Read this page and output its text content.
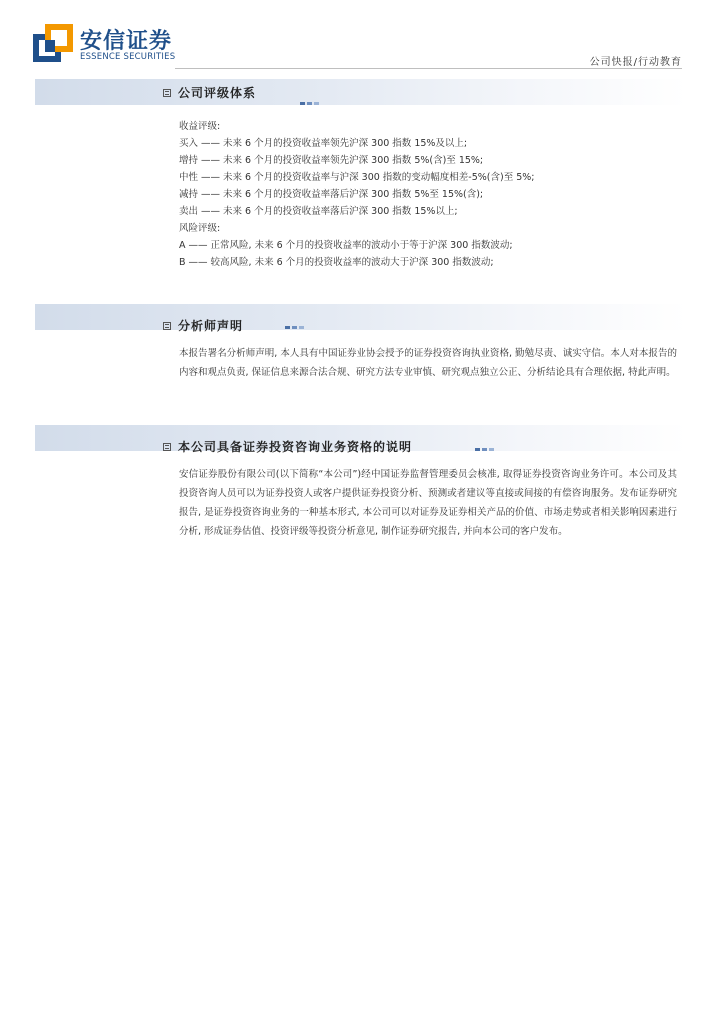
安信证券
ESSENCE SECURITIES	公司快报/行动教育
公司评级体系

收益评级:

买入 —— 未来 6 个月的投资收益率领先沪深 300 指数 15%及以上;

增持 —— 未来 6 个月的投资收益率领先沪深 300 指数 5%(含)至 15%;

中性 —— 未来 6 个月的投资收益率与沪深 300 指数的变动幅度相差-5%(含)至 5%;

减持 —— 未来 6 个月的投资收益率落后沪深 300 指数 5%至 15%(含);

卖出 —— 未来 6 个月的投资收益率落后沪深 300 指数 15%以上;

风险评级:

A —— 正常风险, 未来 6 个月的投资收益率的波动小于等于沪深 300 指数波动;

B —— 较高风险, 未来 6 个月的投资收益率的波动大于沪深 300 指数波动;

分析师声明

本报告署名分析师声明, 本人具有中国证券业协会授予的证券投资咨询执业资格, 勤勉尽责、诚实守信。本人对本报告的内容和观点负责, 保证信息来源合法合规、研究方法专业审慎、研究观点独立公正、分析结论具有合理依据, 特此声明。

本公司具备证券投资咨询业务资格的说明

安信证券股份有限公司(以下简称“本公司”)经中国证券监督管理委员会核准, 取得证券投资咨询业务许可。本公司及其投资咨询人员可以为证券投资人或客户提供证券投资分析、预测或者建议等直接或间接的有偿咨询服务。发布证券研究报告, 是证券投资咨询业务的一种基本形式, 本公司可以对证券及证券相关产品的价值、市场走势或者相关影响因素进行分析, 形成证券估值、投资评级等投资分析意见, 制作证券研究报告, 并向本公司的客户发布。
